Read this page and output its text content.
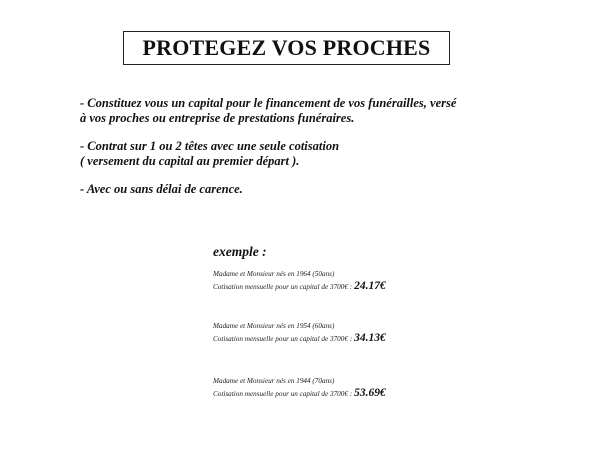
PROTEGEZ VOS PROCHES

- Constituez vous un capital pour le financement de vos funérailles, versé
à vos proches ou entreprise de prestations funéraires.

- Contrat sur 1 ou 2 têtes avec une seule cotisation
( versement du capital au premier départ ).

- Avec ou sans délai de carence.

exemple :
Madame et Monsieur nés en 1964 (50ans)
Cotisation mensuelle pour un capital de 3700€ : 24.17€
Madame et Monsieur nés en 1954 (60ans)
Cotisation mensuelle pour un capital de 3700€ : 34.13€
Madame et Monsieur nés en 1944 (70ans)
Cotisation mensuelle pour un capital de 3700€ : 53.69€
